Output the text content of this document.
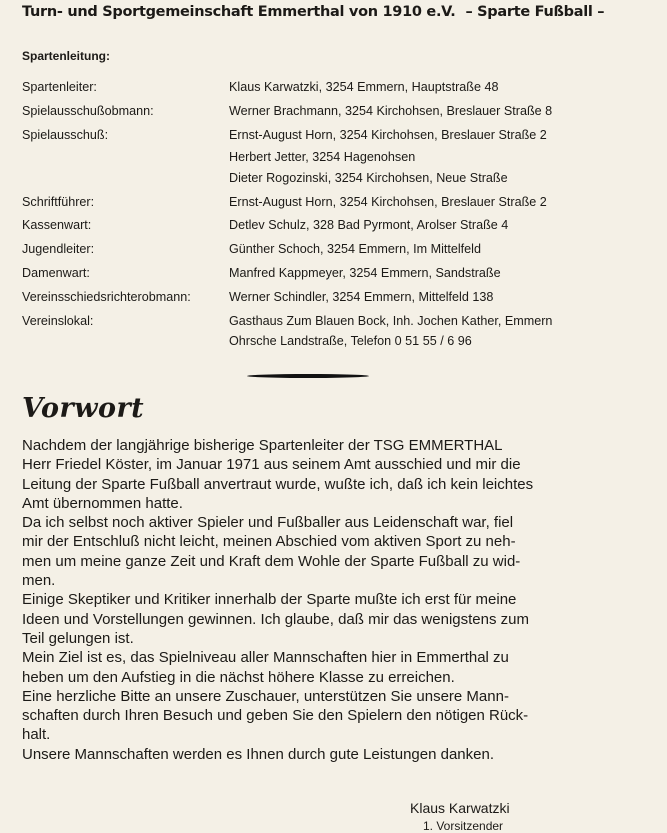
Turn- und Sportgemeinschaft Emmerthal von 1910 e.V. – Sparte Fußball –
Spartenleitung:
Spartenleiter:	Klaus Karwatzki, 3254 Emmern, Hauptstraße 48
Spielausschußobmann:	Werner Brachmann, 3254 Kirchohsen, Breslauer Straße 8
Spielausschuß:	Ernst-August Horn, 3254 Kirchohsen, Breslauer Straße 2
Herbert Jetter, 3254 Hagenohsen
Dieter Rogozinski, 3254 Kirchohsen, Neue Straße
Schriftführer:	Ernst-August Horn, 3254 Kirchohsen, Breslauer Straße 2
Kassenwart:	Detlev Schulz, 328 Bad Pyrmont, Arolser Straße 4
Jugendleiter:	Günther Schoch, 3254 Emmern, Im Mittelfeld
Damenwart:	Manfred Kappmeyer, 3254 Emmern, Sandstraße
Vereinsschiedsrichterobmann:	Werner Schindler, 3254 Emmern, Mittelfeld 138
Vereinslokal:	Gasthaus Zum Blauen Bock, Inh. Jochen Kather, Emmern
Ohrsche Landstraße, Telefon 0 51 55 / 6 96
Vorwort
Nachdem der langjährige bisherige Spartenleiter der TSG EMMERTHAL
Herr Friedel Köster, im Januar 1971 aus seinem Amt ausschied und mir die
Leitung der Sparte Fußball anvertraut wurde, wußte ich, daß ich kein leichtes
Amt übernommen hatte.
Da ich selbst noch aktiver Spieler und Fußballer aus Leidenschaft war, fiel
mir der Entschluß nicht leicht, meinen Abschied vom aktiven Sport zu neh-
men um meine ganze Zeit und Kraft dem Wohle der Sparte Fußball zu wid-
men.
Einige Skeptiker und Kritiker innerhalb der Sparte mußte ich erst für meine
Ideen und Vorstellungen gewinnen. Ich glaube, daß mir das wenigstens zum
Teil gelungen ist.
Mein Ziel ist es, das Spielniveau aller Mannschaften hier in Emmerthal zu
heben um den Aufstieg in die nächst höhere Klasse zu erreichen.
Eine herzliche Bitte an unsere Zuschauer, unterstützen Sie unsere Mann-
schaften durch Ihren Besuch und geben Sie den Spielern den nötigen Rück-
halt.
Unsere Mannschaften werden es Ihnen durch gute Leistungen danken.
Klaus Karwatzki
1. Vorsitzender
